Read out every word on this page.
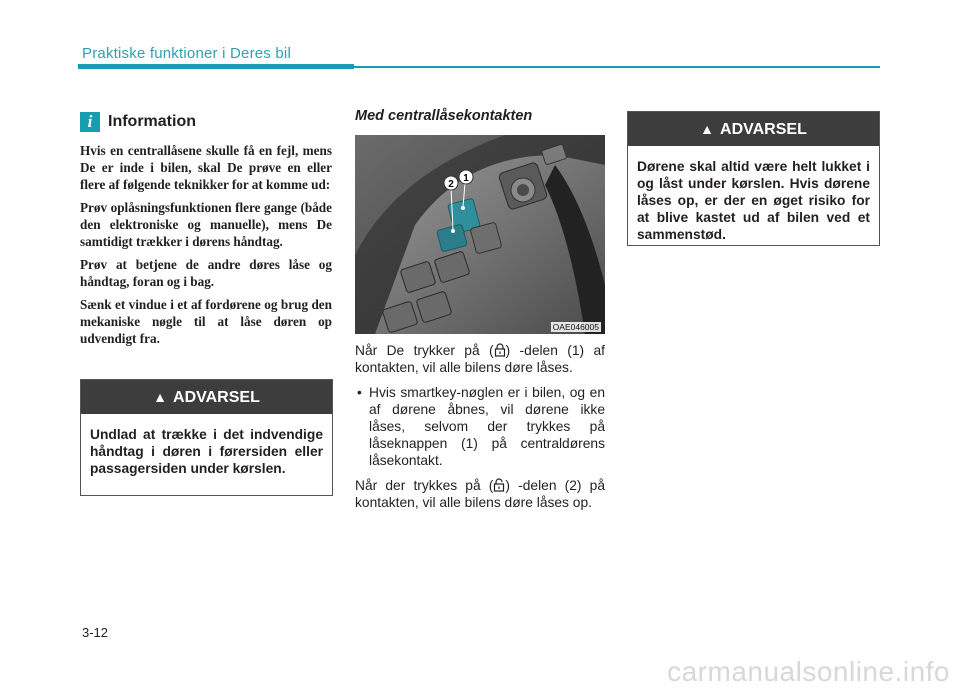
Praktiske funktioner i Deres bil
i Information

Hvis en centrallåsene skulle få en fejl, mens De er inde i bilen, skal De prøve en eller flere af følgende teknikker for at komme ud:

Prøv oplåsningsfunktionen flere gange (både den elektroniske og manuelle), mens De samtidigt trækker i dørens håndtag.

Prøv at betjene de andre døres låse og håndtag, foran og i bag.

Sænk et vindue i et af fordørene og brug den mekaniske nøgle til at låse døren op udvendigt fra.

▲ ADVARSEL
Undlad at trække i det indvendige håndtag i døren i førersiden eller passagersiden under kørslen.
Med centrallåsekontakten
1
2
OAE046005

Når De trykker på ( ) -delen (1) af kontakten, vil alle bilens døre låses.

• Hvis smartkey-nøglen er i bilen, og en af dørene åbnes, vil dørene ikke låses, selvom der trykkes på låseknappen (1) på centraldørens låsekontakt.

Når der trykkes på ( ) -delen (2) på kontakten, vil alle bilens døre låses op.

▲ ADVARSEL
Dørene skal altid være helt lukket i og låst under kørslen. Hvis dørene låses op, er der en øget risiko for at blive kastet ud af bilen ved et sammenstød.
3-12
carmanualsonline.info
